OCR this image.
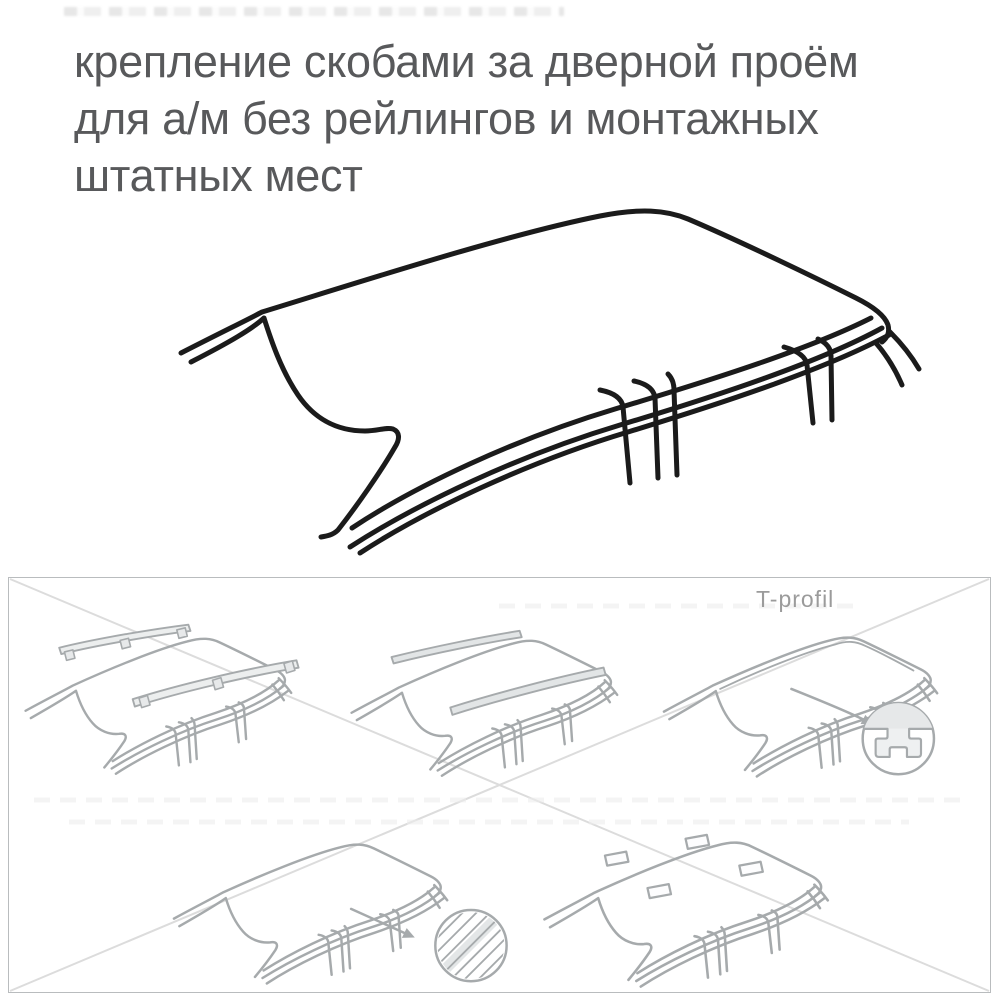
крепление скобами за дверной проём
для а/м без рейлингов и монтажных
штатных мест
T-profil
